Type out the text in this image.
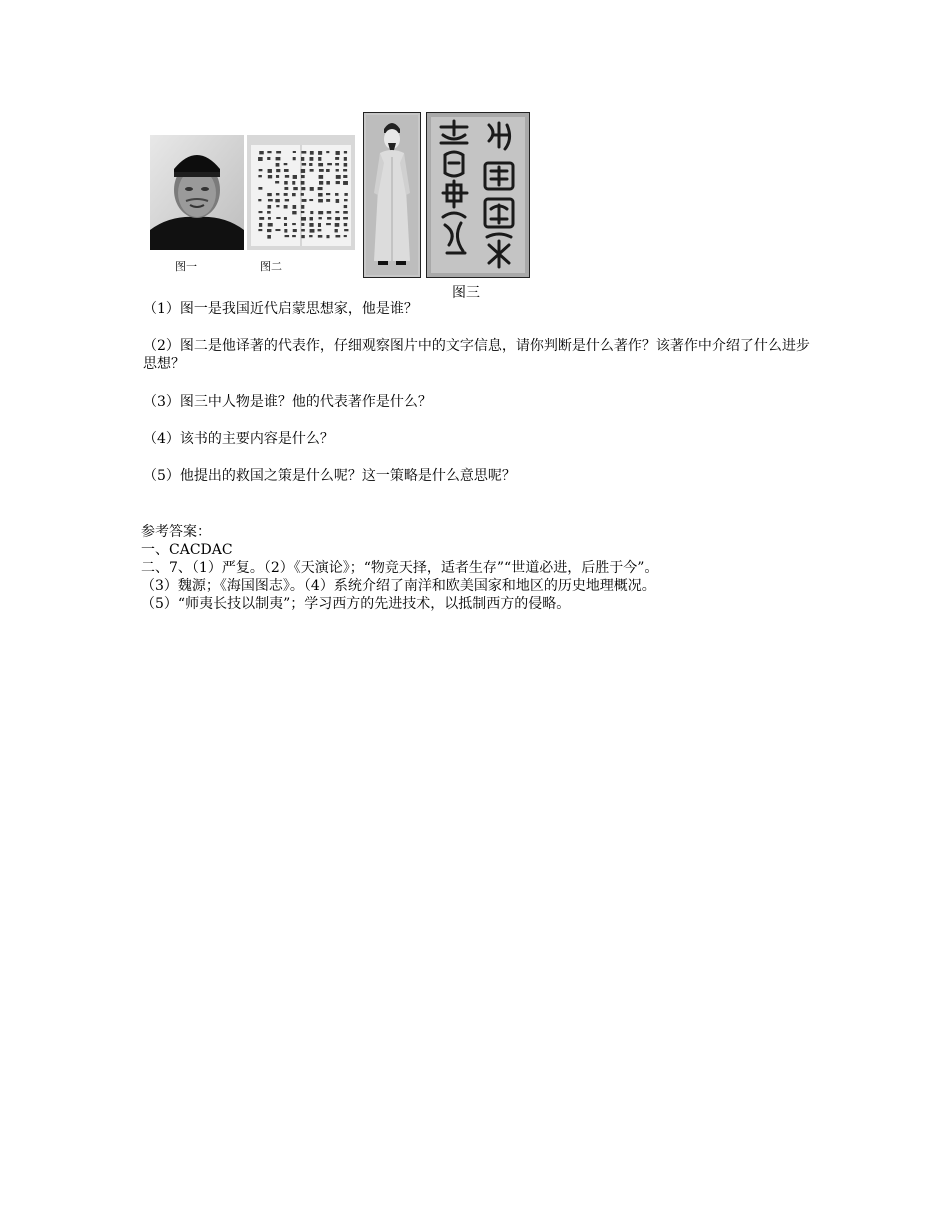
图一	图二
图三
（1）图一是我国近代启蒙思想家，他是谁？
（2）图二是他译著的代表作，仔细观察图片中的文字信息，请你判断是什么著作？该著作中介绍了什么进步思想？
（3）图三中人物是谁？他的代表著作是什么？
（4）该书的主要内容是什么？
（5）他提出的救国之策是什么呢？这一策略是什么意思呢？
参考答案：
一、CACDAC
二、7、（1）严复。（2）《天演论》；“物竞天择，适者生存”“世道必进，后胜于今”。
（3）魏源；《海国图志》。（4）系统介绍了南洋和欧美国家和地区的历史地理概况。
（5）“师夷长技以制夷”；学习西方的先进技术，以抵制西方的侵略。
